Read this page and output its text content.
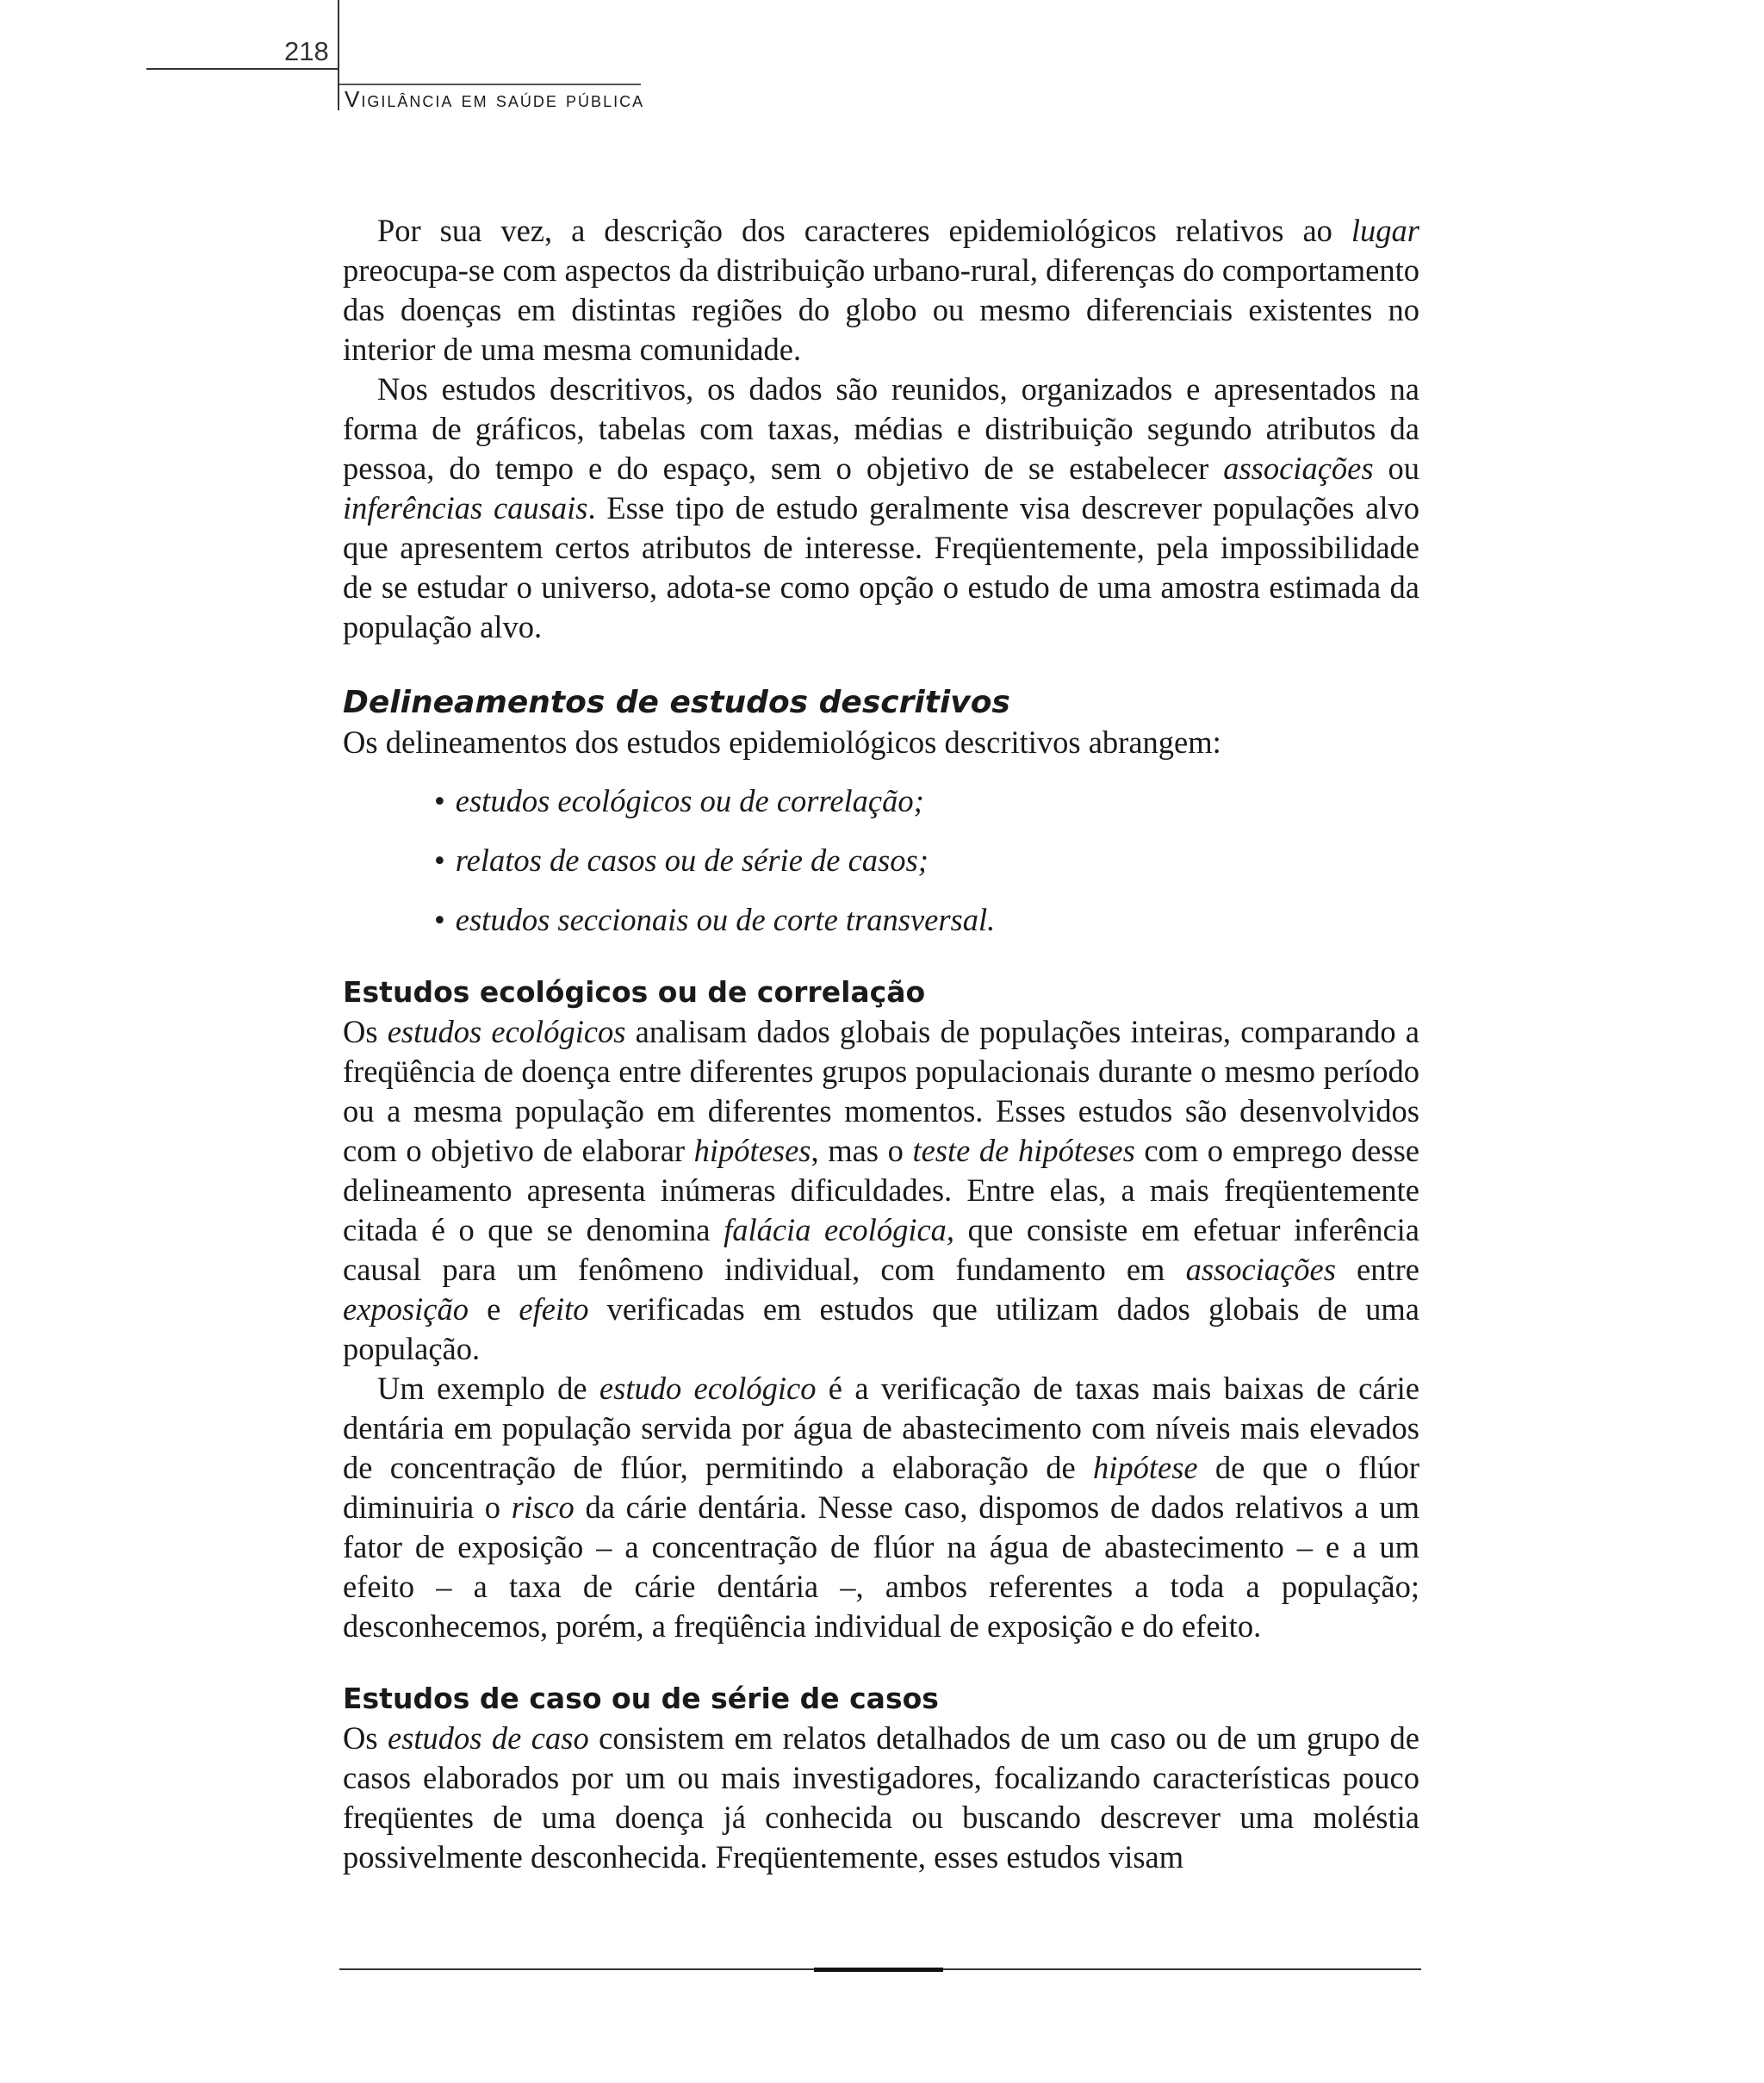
218
Vigilância em saúde pública

Por sua vez, a descrição dos caracteres epidemiológicos relativos ao lugar preocupa-se com aspectos da distribuição urbano-rural, diferenças do comportamento das doenças em distintas regiões do globo ou mesmo diferenciais existentes no interior de uma mesma comunidade.

Nos estudos descritivos, os dados são reunidos, organizados e apresentados na forma de gráficos, tabelas com taxas, médias e distribuição segundo atributos da pessoa, do tempo e do espaço, sem o objetivo de se estabelecer associações ou inferências causais. Esse tipo de estudo geralmente visa descrever populações alvo que apresentem certos atributos de interesse. Freqüentemente, pela impossibilidade de se estudar o universo, adota-se como opção o estudo de uma amostra estimada da população alvo.

Delineamentos de estudos descritivos

Os delineamentos dos estudos epidemiológicos descritivos abrangem:

• estudos ecológicos ou de correlação;
• relatos de casos ou de série de casos;
• estudos seccionais ou de corte transversal.
Estudos ecológicos ou de correlação

Os estudos ecológicos analisam dados globais de populações inteiras, comparando a freqüência de doença entre diferentes grupos populacionais durante o mesmo período ou a mesma população em diferentes momentos. Esses estudos são desenvolvidos com o objetivo de elaborar hipóteses, mas o teste de hipóteses com o emprego desse delineamento apresenta inúmeras dificuldades. Entre elas, a mais freqüentemente citada é o que se denomina falácia ecológica, que consiste em efetuar inferência causal para um fenômeno individual, com fundamento em associações entre exposição e efeito verificadas em estudos que utilizam dados globais de uma população.

Um exemplo de estudo ecológico é a verificação de taxas mais baixas de cárie dentária em população servida por água de abastecimento com níveis mais elevados de concentração de flúor, permitindo a elaboração de hipótese de que o flúor diminuiria o risco da cárie dentária. Nesse caso, dispomos de dados relativos a um fator de exposição – a concentração de flúor na água de abastecimento – e a um efeito – a taxa de cárie dentária –, ambos referentes a toda a população; desconhecemos, porém, a freqüência individual de exposição e do efeito.

Estudos de caso ou de série de casos

Os estudos de caso consistem em relatos detalhados de um caso ou de um grupo de casos elaborados por um ou mais investigadores, focalizando características pouco freqüentes de uma doença já conhecida ou buscando descrever uma moléstia possivelmente desconhecida. Freqüentemente, esses estudos visam
